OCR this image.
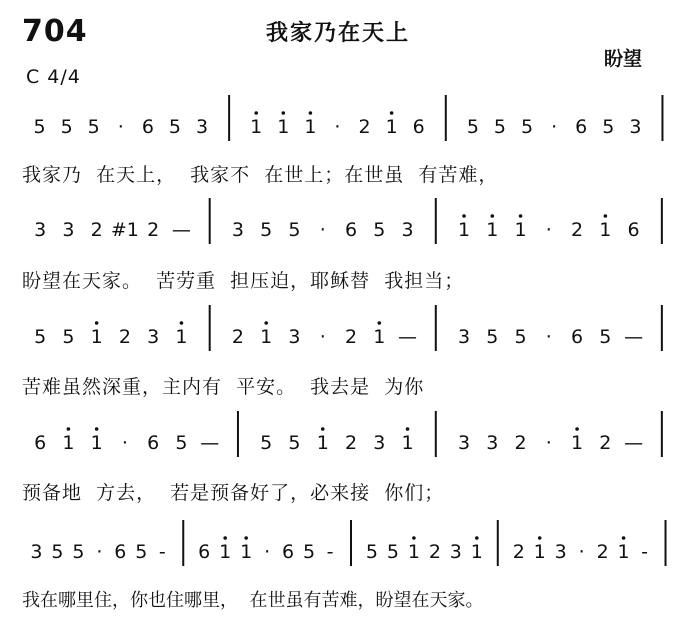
704	我家乃在天上
盼望
C 4/4
5 5 5 · 6 5 3 1 1 1 · 2 1 6 5 5 5 · 6 5 3
3 3 2 #1 2 — 3 5 5 · 6 5 3 1 1 1 · 2 1 6
5 5 1 2 3 1 2 1 3 · 2 1 — 3 5 5 · 6 5 —
6 1 1 · 6 5 — 5 5 1 2 3 1 3 3 2 · 1 2 —
3 5 5 · 6 5 - 6 1 1 · 6 5 - 5 5 1 2 3 1 2 1 3 · 2 1 -
我家乃  在天上，  我家不  在世上；在世虽  有苦难，
盼望在天家。  苦劳重  担压迫，耶稣替  我担当；
苦难虽然深重，主内有  平安。  我去是  为你
预备地  方去，  若是预备好了，必来接  你们；
我在哪里住，你也住哪里，  在世虽有苦难，盼望在天家。
